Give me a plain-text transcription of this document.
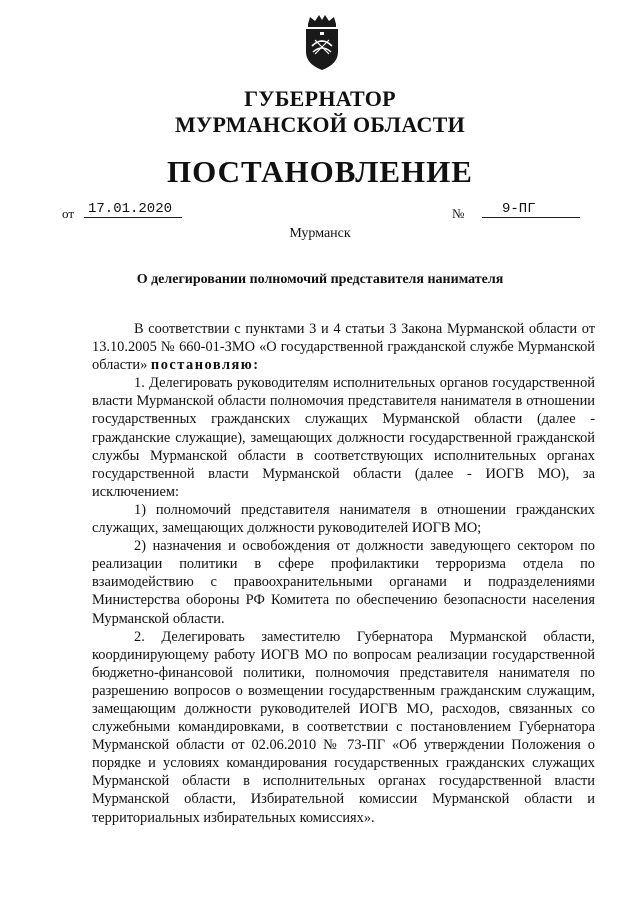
ГУБЕРНАТОР
МУРМАНСКОЙ ОБЛАСТИ
ПОСТАНОВЛЕНИЕ
от 17.01.2020	№	9-ПГ
Мурманск
О делегировании полномочий представителя нанимателя

В соответствии с пунктами 3 и 4 статьи 3 Закона Мурманской области от 13.10.2005 № 660-01-ЗМО «О государственной гражданской службе Мурманской области» постановляю:

1. Делегировать руководителям исполнительных органов государственной власти Мурманской области полномочия представителя нанимателя в отношении государственных гражданских служащих Мурманской области (далее - гражданские служащие), замещающих должности государственной гражданской службы Мурманской области в соответствующих исполнительных органах государственной власти Мурманской области (далее - ИОГВ МО), за исключением:

1) полномочий представителя нанимателя в отношении гражданских служащих, замещающих должности руководителей ИОГВ МО;

2) назначения и освобождения от должности заведующего сектором по реализации политики в сфере профилактики терроризма отдела по взаимодействию с правоохранительными органами и подразделениями Министерства обороны РФ Комитета по обеспечению безопасности населения Мурманской области.

2. Делегировать заместителю Губернатора Мурманской области, координирующему работу ИОГВ МО по вопросам реализации государственной бюджетно-финансовой политики, полномочия представителя нанимателя по разрешению вопросов о возмещении государственным гражданским служащим, замещающим должности руководителей ИОГВ МО, расходов, связанных со служебными командировками, в соответствии с постановлением Губернатора Мурманской области от 02.06.2010 № 73-ПГ «Об утверждении Положения о порядке и условиях командирования государственных гражданских служащих Мурманской области в исполнительных органах государственной власти Мурманской области, Избирательной комиссии Мурманской области и территориальных избирательных комиссиях».
